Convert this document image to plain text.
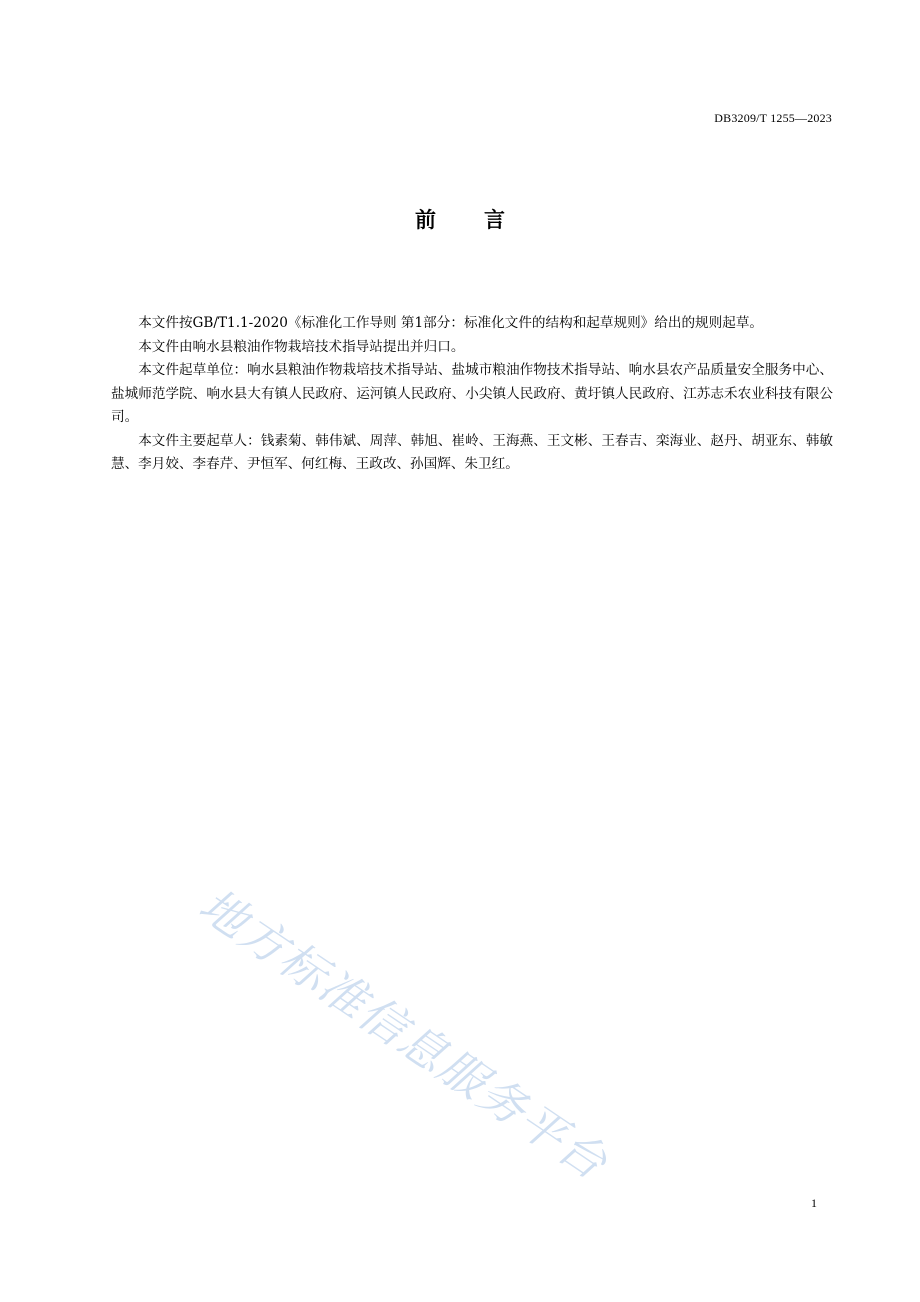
DB3209/T 1255—2023
前言

本文件按GB/T1.1-2020《标准化工作导则 第1部分：标准化文件的结构和起草规则》给出的规则起草。

本文件由响水县粮油作物栽培技术指导站提出并归口。

本文件起草单位：响水县粮油作物栽培技术指导站、盐城市粮油作物技术指导站、响水县农产品质量安全服务中心、盐城师范学院、响水县大有镇人民政府、运河镇人民政府、小尖镇人民政府、黄圩镇人民政府、江苏志禾农业科技有限公司。

本文件主要起草人：钱素菊、韩伟斌、周萍、韩旭、崔岭、王海燕、王文彬、王春吉、栾海业、赵丹、胡亚东、韩敏慧、李月姣、李春芹、尹恒军、何红梅、王政改、孙国辉、朱卫红。

地方标准信息服务平台
1
